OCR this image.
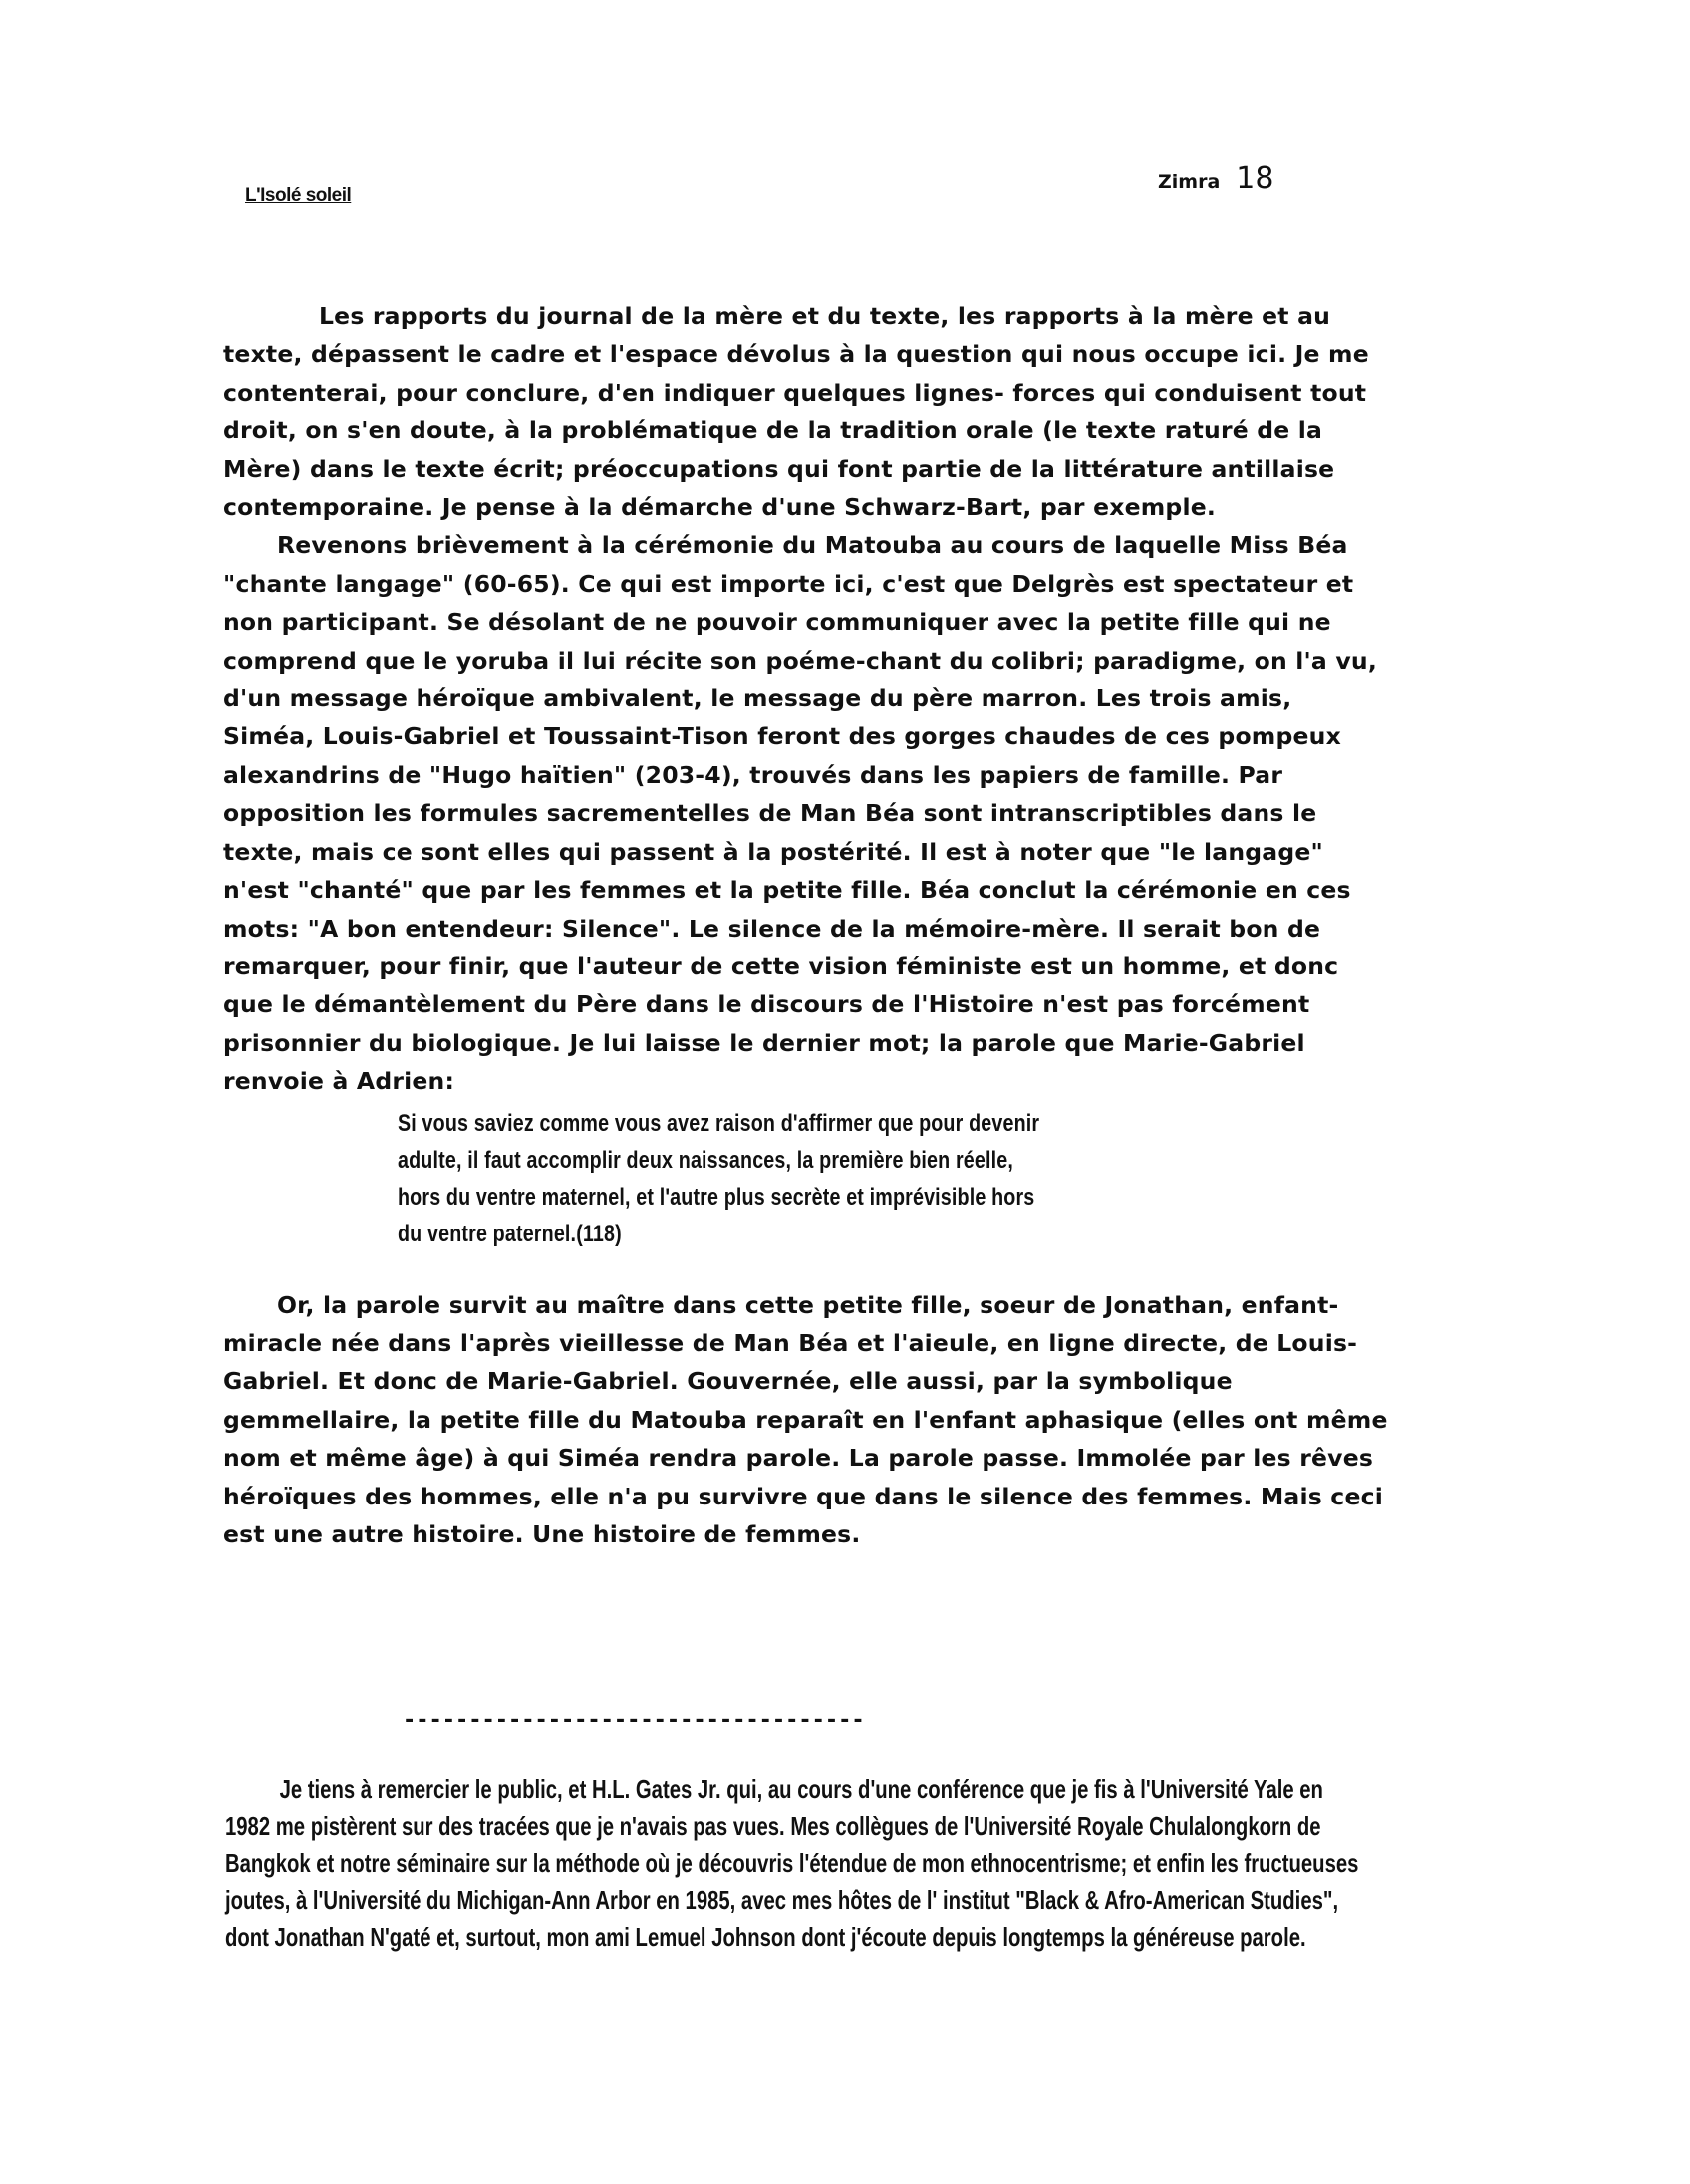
L'Isolé soleil
Zimra 18

Les rapports du journal de la mère et du texte, les rapports à la mère et au texte, dépassent le cadre et l'espace dévolus à la question qui nous occupe ici. Je me contenterai, pour conclure, d'en indiquer quelques lignes- forces qui conduisent tout droit, on s'en doute, à la problématique de la tradition orale (le texte raturé de la Mère) dans le texte écrit; préoccupations qui font partie de la littérature antillaise contemporaine. Je pense à la démarche d'une Schwarz-Bart, par exemple.

Revenons brièvement à la cérémonie du Matouba au cours de laquelle Miss Béa "chante langage" (60-65). Ce qui est importe ici, c'est que Delgrès est spectateur et non participant. Se désolant de ne pouvoir communiquer avec la petite fille qui ne comprend que le yoruba il lui récite son poéme-chant du colibri; paradigme, on l'a vu, d'un message héroïque ambivalent, le message du père marron. Les trois amis, Siméa, Louis-Gabriel et Toussaint-Tison feront des gorges chaudes de ces pompeux alexandrins de "Hugo haïtien" (203-4), trouvés dans les papiers de famille. Par opposition les formules sacrementelles de Man Béa sont intranscriptibles dans le texte, mais ce sont elles qui passent à la postérité. Il est à noter que "le langage" n'est "chanté" que par les femmes et la petite fille. Béa conclut la cérémonie en ces mots: "A bon entendeur: Silence". Le silence de la mémoire-mère. Il serait bon de remarquer, pour finir, que l'auteur de cette vision féministe est un homme, et donc que le démantèlement du Père dans le discours de l'Histoire n'est pas forcément prisonnier du biologique. Je lui laisse le dernier mot; la parole que Marie-Gabriel renvoie à Adrien:

Si vous saviez comme vous avez raison d'affirmer que pour devenir adulte, il faut accomplir deux naissances, la première bien réelle, hors du ventre maternel, et l'autre plus secrète et imprévisible hors du ventre paternel.(118)

Or, la parole survit au maître dans cette petite fille, soeur de Jonathan, enfant-miracle née dans l'après vieillesse de Man Béa et l'aieule, en ligne directe, de Louis-Gabriel. Et donc de Marie-Gabriel. Gouvernée, elle aussi, par la symbolique gemmellaire, la petite fille du Matouba reparaît en l'enfant aphasique (elles ont même nom et même âge) à qui Siméa rendra parole. La parole passe. Immolée par les rêves héroïques des hommes, elle n'a pu survivre que dans le silence des femmes. Mais ceci est une autre histoire. Une histoire de femmes.

-----------------------------------

Je tiens à remercier le public, et H.L. Gates Jr. qui, au cours d'une conférence que je fis à l'Université Yale en 1982 me pistèrent sur des tracées que je n'avais pas vues. Mes collègues de l'Université Royale Chulalongkorn de Bangkok et notre séminaire sur la méthode où je découvris l'étendue de mon ethnocentrisme; et enfin les fructueuses joutes, à l'Université du Michigan-Ann Arbor en 1985, avec mes hôtes de l' institut "Black & Afro-American Studies", dont Jonathan N'gaté et, surtout, mon ami Lemuel Johnson dont j'écoute depuis longtemps la généreuse parole.
